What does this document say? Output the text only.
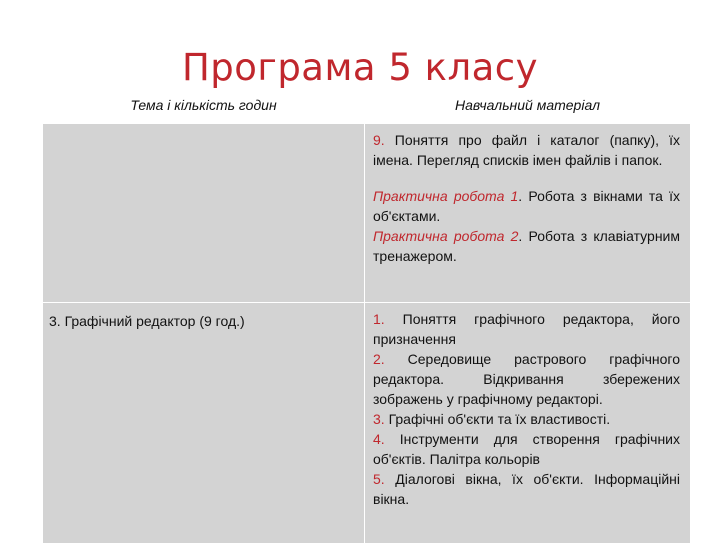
Програма 5 класу
Тема і кількість годин	Навчальний матеріал

	9. Поняття про файл і каталог (папку), їх імена. Перегляд списків імен файлів і папок.
Практична робота 1. Робота з вікнами та їх об'єктами.
Практична робота 2. Робота з клавіатурним тренажером.

3. Графічний редактор (9 год.)	1. Поняття графічного редактора, його призначення
2. Середовище растрового графічного редактора. Відкривання збережених зображень у графічному редакторі.
3. Графічні об'єкти та їх властивості.
4. Інструменти для створення графічних об'єктів. Палітра кольорів
5. Діалогові вікна, їх об'єкти. Інформаційні вікна.
